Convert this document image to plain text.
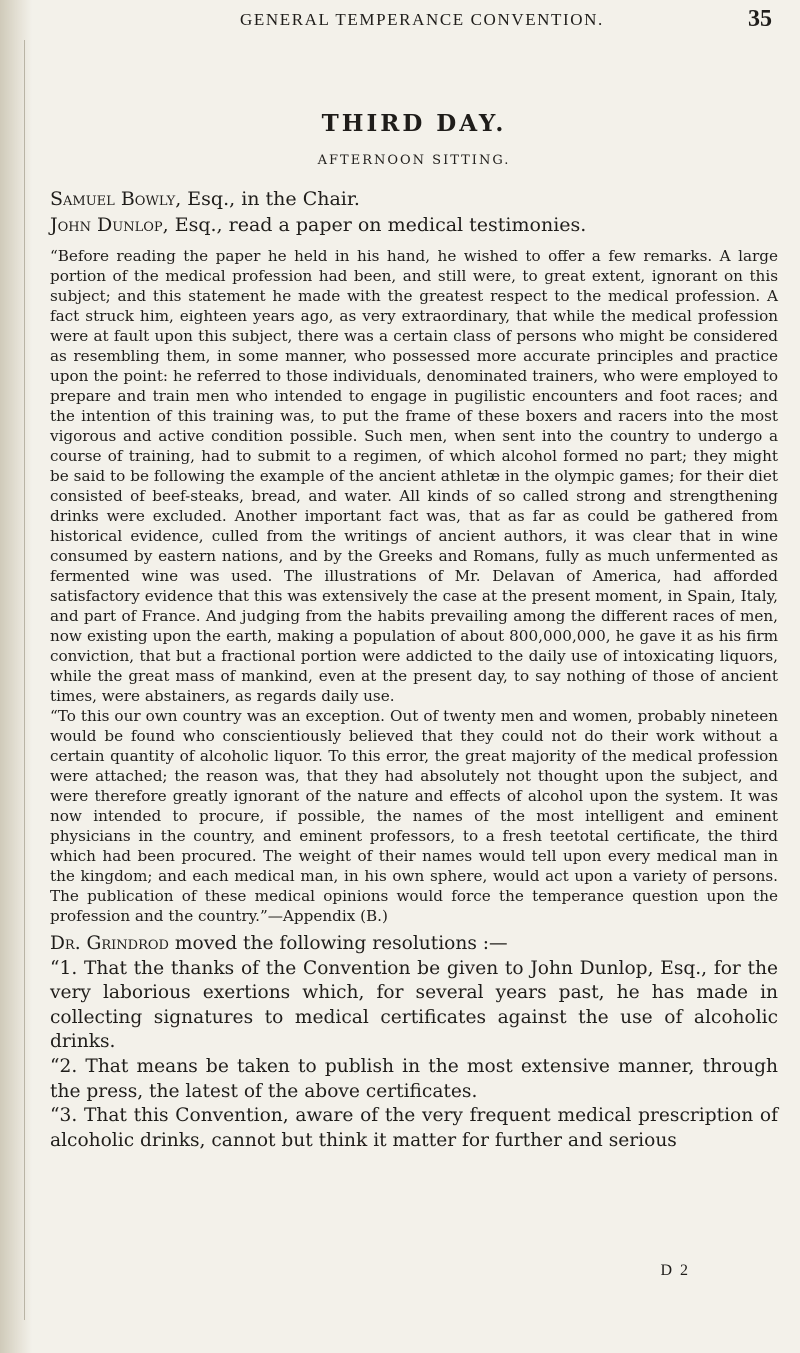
GENERAL TEMPERANCE CONVENTION.	35
THIRD DAY.
AFTERNOON SITTING.

Samuel Bowly, Esq., in the Chair.

John Dunlop, Esq., read a paper on medical testimonies.

“Before reading the paper he held in his hand, he wished to offer a few remarks. A large portion of the medical profession had been, and still were, to great extent, ignorant on this subject; and this statement he made with the greatest respect to the medical profession. A fact struck him, eighteen years ago, as very extraordinary, that while the medical profession were at fault upon this subject, there was a certain class of persons who might be considered as resembling them, in some manner, who possessed more accurate principles and practice upon the point: he referred to those individuals, denominated trainers, who were employed to prepare and train men who intended to engage in pugilistic encounters and foot races; and the intention of this training was, to put the frame of these boxers and racers into the most vigorous and active condition possible. Such men, when sent into the country to undergo a course of training, had to submit to a regimen, of which alcohol formed no part; they might be said to be following the example of the ancient athletæ in the olympic games; for their diet consisted of beef-steaks, bread, and water. All kinds of so called strong and strengthening drinks were excluded. Another important fact was, that as far as could be gathered from historical evidence, culled from the writings of ancient authors, it was clear that in wine consumed by eastern nations, and by the Greeks and Romans, fully as much unfermented as fermented wine was used. The illustrations of Mr. Delavan of America, had afforded satisfactory evidence that this was extensively the case at the present moment, in Spain, Italy, and part of France. And judging from the habits prevailing among the different races of men, now existing upon the earth, making a population of about 800,000,000, he gave it as his firm conviction, that but a fractional portion were addicted to the daily use of intoxicating liquors, while the great mass of mankind, even at the present day, to say nothing of those of ancient times, were abstainers, as regards daily use.

“To this our own country was an exception. Out of twenty men and women, probably nineteen would be found who conscientiously believed that they could not do their work without a certain quantity of alcoholic liquor. To this error, the great majority of the medical profession were attached; the reason was, that they had absolutely not thought upon the subject, and were therefore greatly ignorant of the nature and effects of alcohol upon the system. It was now intended to procure, if possible, the names of the most intelligent and eminent physicians in the country, and eminent professors, to a fresh teetotal certificate, the third which had been procured. The weight of their names would tell upon every medical man in the kingdom; and each medical man, in his own sphere, would act upon a variety of persons. The publication of these medical opinions would force the temperance question upon the profession and the country.”—Appendix (B.)

Dr. Grindrod moved the following resolutions :—

“1. That the thanks of the Convention be given to John Dunlop, Esq., for the very laborious exertions which, for several years past, he has made in collecting signatures to medical certificates against the use of alcoholic drinks.

“2. That means be taken to publish in the most extensive manner, through the press, the latest of the above certificates.

“3. That this Convention, aware of the very frequent medical prescription of alcoholic drinks, cannot but think it matter for further and serious

D 2
